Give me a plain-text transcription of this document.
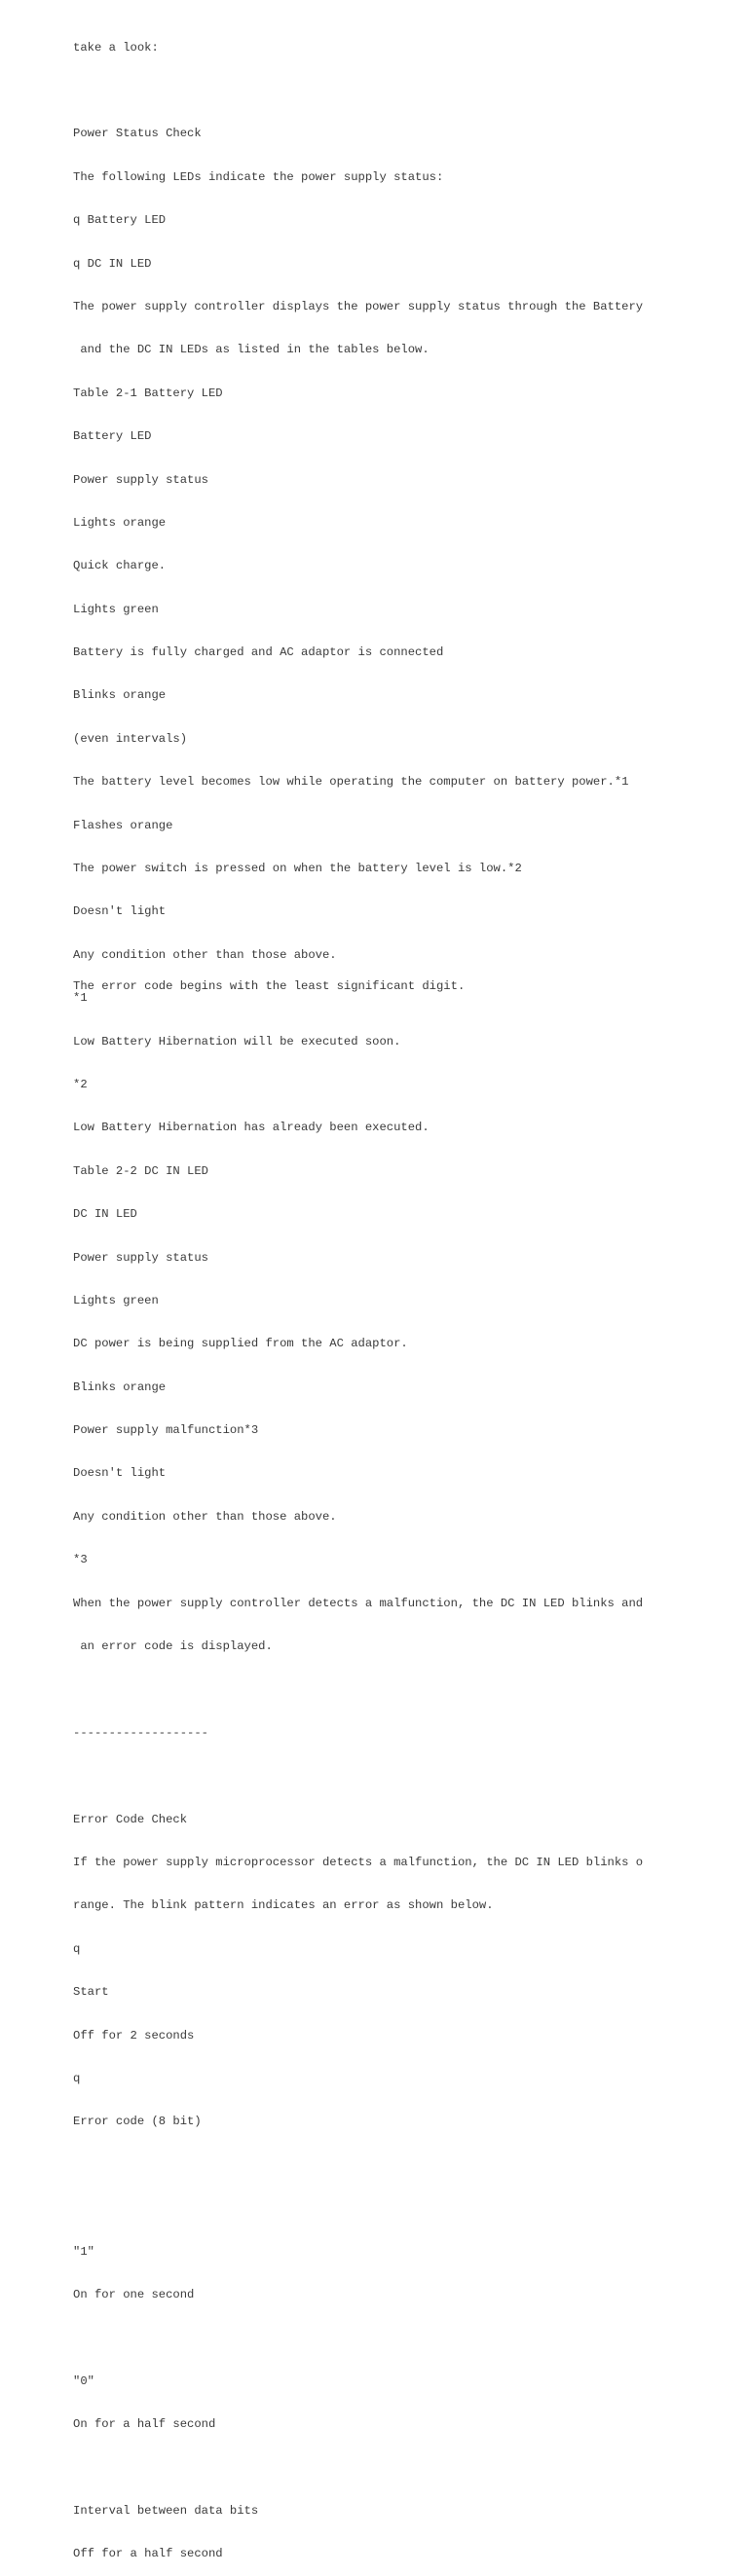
take a look:

Power Status Check

The following LEDs indicate the power supply status:

q Battery LED

q DC IN LED

The power supply controller displays the power supply status through the Battery

and the DC IN LEDs as listed in the tables below.

Table 2-1 Battery LED

Battery LED

Power supply status

Lights orange

Quick charge.

Lights green

Battery is fully charged and AC adaptor is connected

Blinks orange

(even intervals)

The battery level becomes low while operating the computer on battery power.*1

Flashes orange

The power switch is pressed on when the battery level is low.*2

Doesn't light

Any condition other than those above.

*1

Low Battery Hibernation will be executed soon.

*2

Low Battery Hibernation has already been executed.

Table 2-2 DC IN LED

DC IN LED

Power supply status

Lights green

DC power is being supplied from the AC adaptor.

Blinks orange

Power supply malfunction*3

Doesn't light

Any condition other than those above.

*3

When the power supply controller detects a malfunction, the DC IN LED blinks and

an error code is displayed.

-------------------

Error Code Check

If the power supply microprocessor detects a malfunction, the DC IN LED blinks o

range. The blink pattern indicates an error as shown below.

q

Start

Off for 2 seconds

q

Error code (8 bit)

"1"

On for one second

"0"

On for a half second

Interval between data bits

Off for a half second

The error code begins with the least significant digit.
